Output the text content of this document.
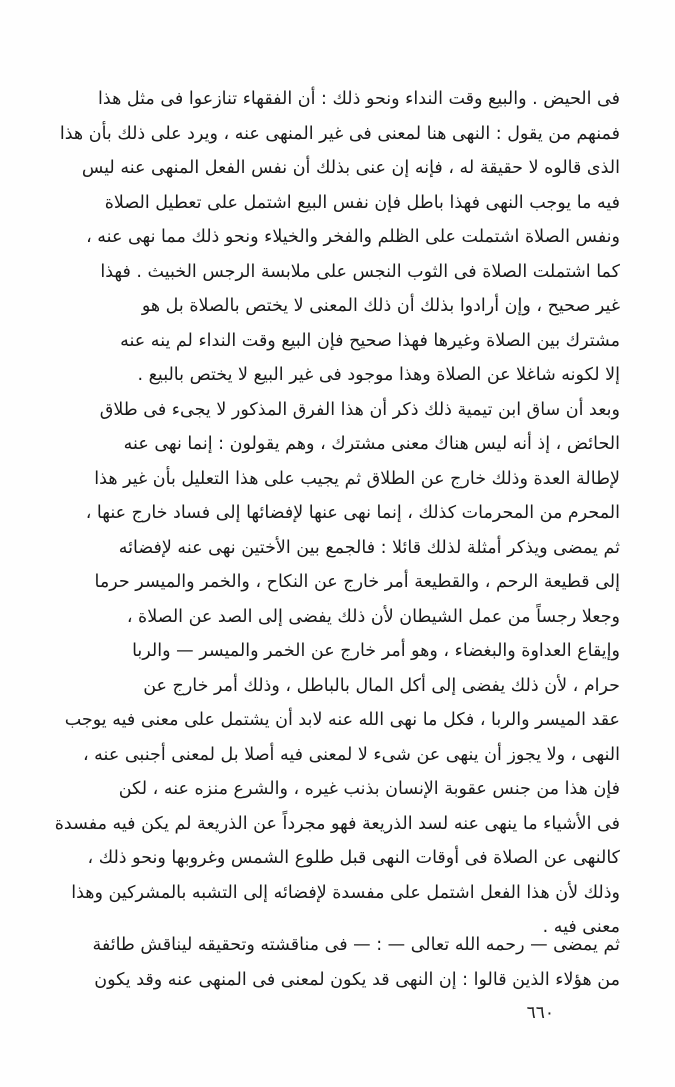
فى الحيض . والبيع وقت النداء ونحو ذلك : أن الفقهاء تنازعوا فى مثل هذا
فمنهم من يقول : النهى هنا لمعنى فى غير المنهى عنه ، ويرد على ذلك بأن هذا
الذى قالوه لا حقيقة له ، فإنه إن عنى بذلك أن نفس الفعل المنهى عنه ليس
فيه ما يوجب النهى فهذا باطل فإن نفس البيع اشتمل على تعطيل الصلاة
ونفس الصلاة اشتملت على الظلم والفخر والخيلاء ونحو ذلك مما نهى عنه ،
كما اشتملت الصلاة فى الثوب النجس على ملابسة الرجس الخبيث . فهذا
غير صحيح ، وإن أرادوا بذلك أن ذلك المعنى لا يختص بالصلاة بل هو
مشترك بين الصلاة وغيرها فهذا صحيح فإن البيع وقت النداء لم ينه عنه
إلا لكونه شاغلا عن الصلاة وهذا موجود فى غير البيع لا يختص بالبيع .
وبعد أن ساق ابن تيمية ذلك ذكر أن هذا الفرق المذكور لا يجىء فى طلاق
الحائض ، إذ أنه ليس هناك معنى مشترك ، وهم يقولون : إنما نهى عنه
لإطالة العدة وذلك خارج عن الطلاق ثم يجيب على هذا التعليل بأن غير هذا
المحرم من المحرمات كذلك ، إنما نهى عنها لإفضائها إلى فساد خارج عنها ،
ثم يمضى ويذكر أمثلة لذلك قائلا : فالجمع بين الأختين نهى عنه لإفضائه
إلى قطيعة الرحم ، والقطيعة أمر خارج عن النكاح ، والخمر والميسر حرما
وجعلا رجساً من عمل الشيطان لأن ذلك يفضى إلى الصد عن الصلاة ،
وإيقاع العداوة والبغضاء ، وهو أمر خارج عن الخمر والميسر — والربا
حرام ، لأن ذلك يفضى إلى أكل المال بالباطل ، وذلك أمر خارج عن
عقد الميسر والربا ، فكل ما نهى الله عنه لابد أن يشتمل على معنى فيه يوجب
النهى ، ولا يجوز أن ينهى عن شىء لا لمعنى فيه أصلا بل لمعنى أجنبى عنه ،
فإن هذا من جنس عقوبة الإنسان بذنب غيره ، والشرع منزه عنه ، لكن
فى الأشياء ما ينهى عنه لسد الذريعة فهو مجرداً عن الذريعة لم يكن فيه مفسدة
كالنهى عن الصلاة فى أوقات النهى قبل طلوع الشمس وغروبها ونحو ذلك ،
وذلك لأن هذا الفعل اشتمل على مفسدة لإفضائه إلى التشبه بالمشركين وهذا
معنى فيه .
ثم يمضى — رحمه الله تعالى — : — فى مناقشته وتحقيقه ليناقش طائفة
من هؤلاء الذين قالوا : إن النهى قد يكون لمعنى فى المنهى عنه وقد يكون
٦٦٠
